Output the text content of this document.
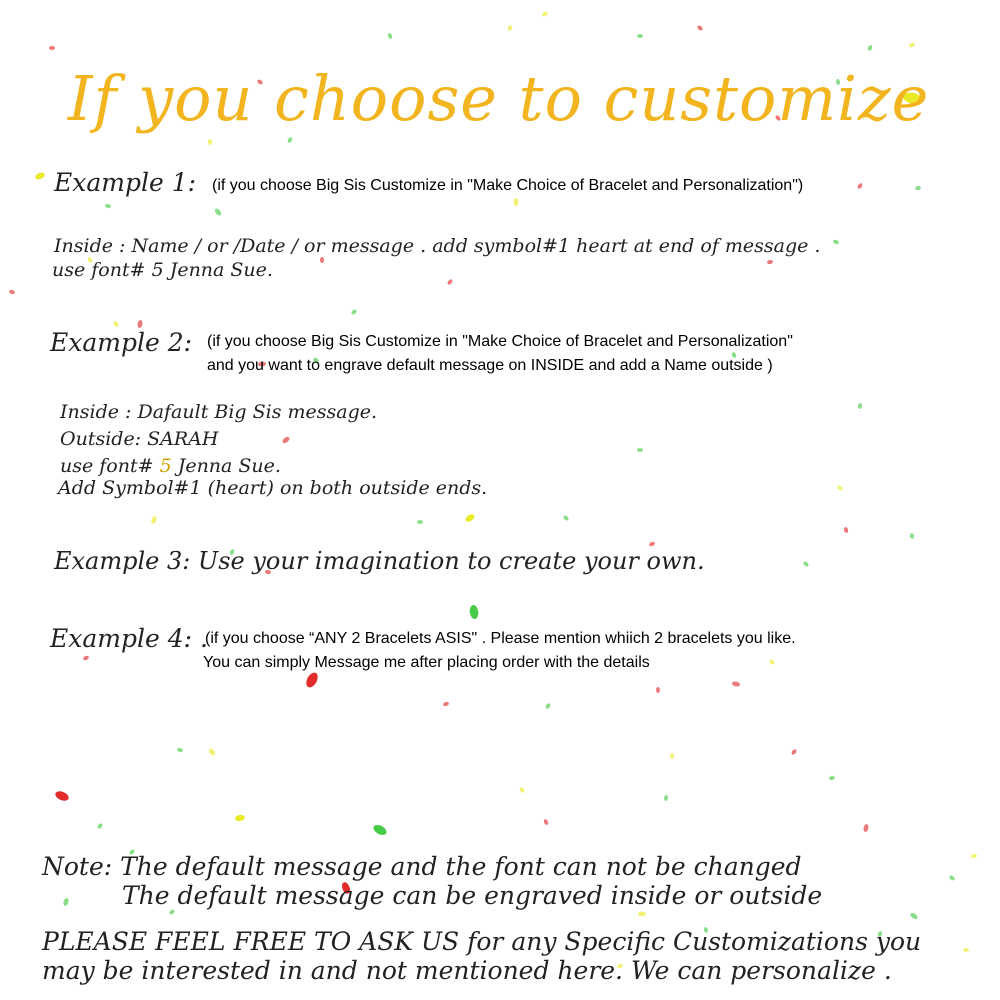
If you choose to customize
Example 1: (if you choose Big Sis Customize in "Make Choice of Bracelet and Personalization")
Inside : Name / or /Date / or message . add symbol#1 heart at end of message .
use font# 5 Jenna Sue.
Example 2: (if you choose Big Sis Customize in "Make Choice of Bracelet and Personalization"
and you want to engrave default message on INSIDE and add a Name outside )
Inside : Dafault Big Sis message.
Outside: SARAH
use font# 5 Jenna Sue.
Add Symbol#1 (heart) on both outside ends.
Example 3: Use your imagination to create your own.
Example 4: .
(if you choose “ANY 2 Bracelets ASIS" . Please mention whiich 2 bracelets you like.
You can simply Message me after placing order with the details
Note: The default message and the font can not be changed
The default message can be engraved inside or outside
PLEASE FEEL FREE TO ASK US for any Specific Customizations you
may be interested in and not mentioned here. We can personalize .
